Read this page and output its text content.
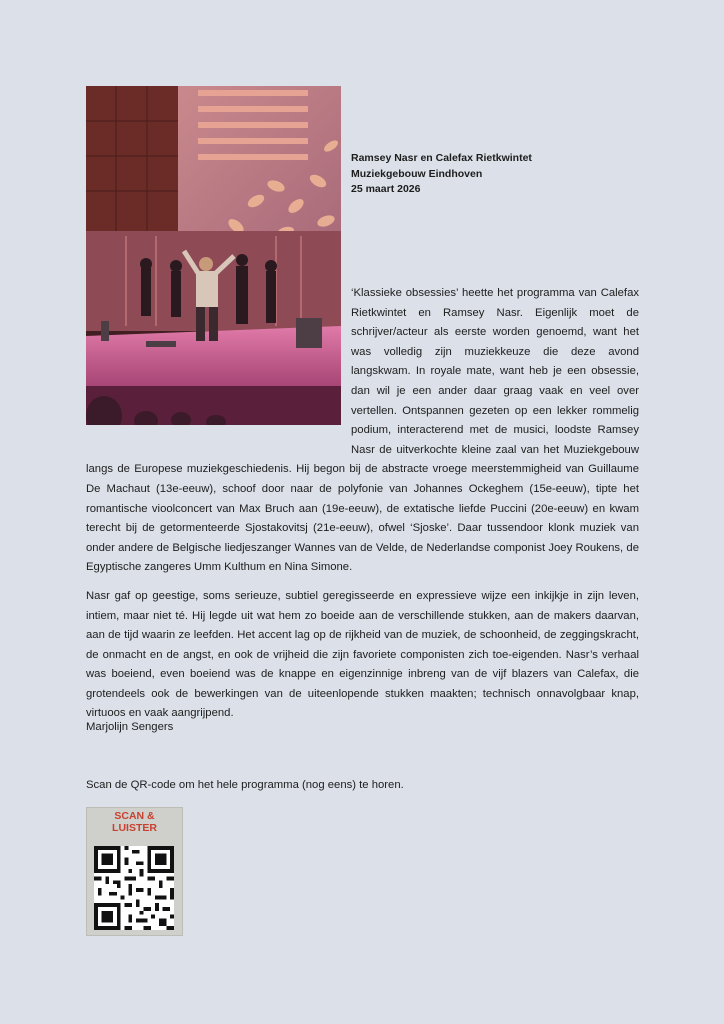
Ramsey Nasr en Calefax Rietkwintet
Muziekgebouw Eindhoven
25 maart 2026

‘Klassieke obsessies’ heette het programma van Calefax Rietkwintet en Ramsey Nasr. Eigenlijk moet de schrijver/acteur als eerste worden genoemd, want het was volledig zijn muziekkeuze die deze avond langskwam. In royale mate, want heb je een obsessie, dan wil je een ander daar graag vaak en veel over vertellen. Ontspannen gezeten op een lekker rommelig podium, interacterend met de musici, loodste Ramsey Nasr de uitverkochte kleine zaal van het Muziekgebouw langs de Europese muziekgeschiedenis. Hij begon bij de abstracte vroege meerstemmigheid van Guillaume De Machaut (13e-eeuw), schoof door naar de polyfonie van Johannes Ockeghem (15e-eeuw), tipte het romantische vioolconcert van Max Bruch aan (19e-eeuw), de extatische liefde Puccini (20e-eeuw) en kwam terecht bij de getormenteerde Sjostakovitsj (21e-eeuw), ofwel ‘Sjoske’. Daar tussendoor klonk muziek van onder andere de Belgische liedjeszanger Wannes van de Velde, de Nederlandse componist Joey Roukens, de Egyptische zangeres Umm Kulthum en Nina Simone.

Nasr gaf op geestige, soms serieuze, subtiel geregisseerde en expressieve wijze een inkijkje in zijn leven, intiem, maar niet té. Hij legde uit wat hem zo boeide aan de verschillende stukken, aan de makers daarvan, aan de tijd waarin ze leefden. Het accent lag op de rijkheid van de muziek, de schoonheid, de zeggingskracht, de onmacht en de angst, en ook de vrijheid die zijn favoriete componisten zich toe-eigenden. Nasr’s verhaal was boeiend, even boeiend was de knappe en eigenzinnige inbreng van de vijf blazers van Calefax, die grotendeels ook de bewerkingen van de uiteenlopende stukken maakten; technisch onnavolgbaar knap, virtuoos en vaak aangrijpend.

Marjolijn Sengers
Scan de QR-code om het hele programma (nog eens) te horen.
SCAN &
LUISTER
